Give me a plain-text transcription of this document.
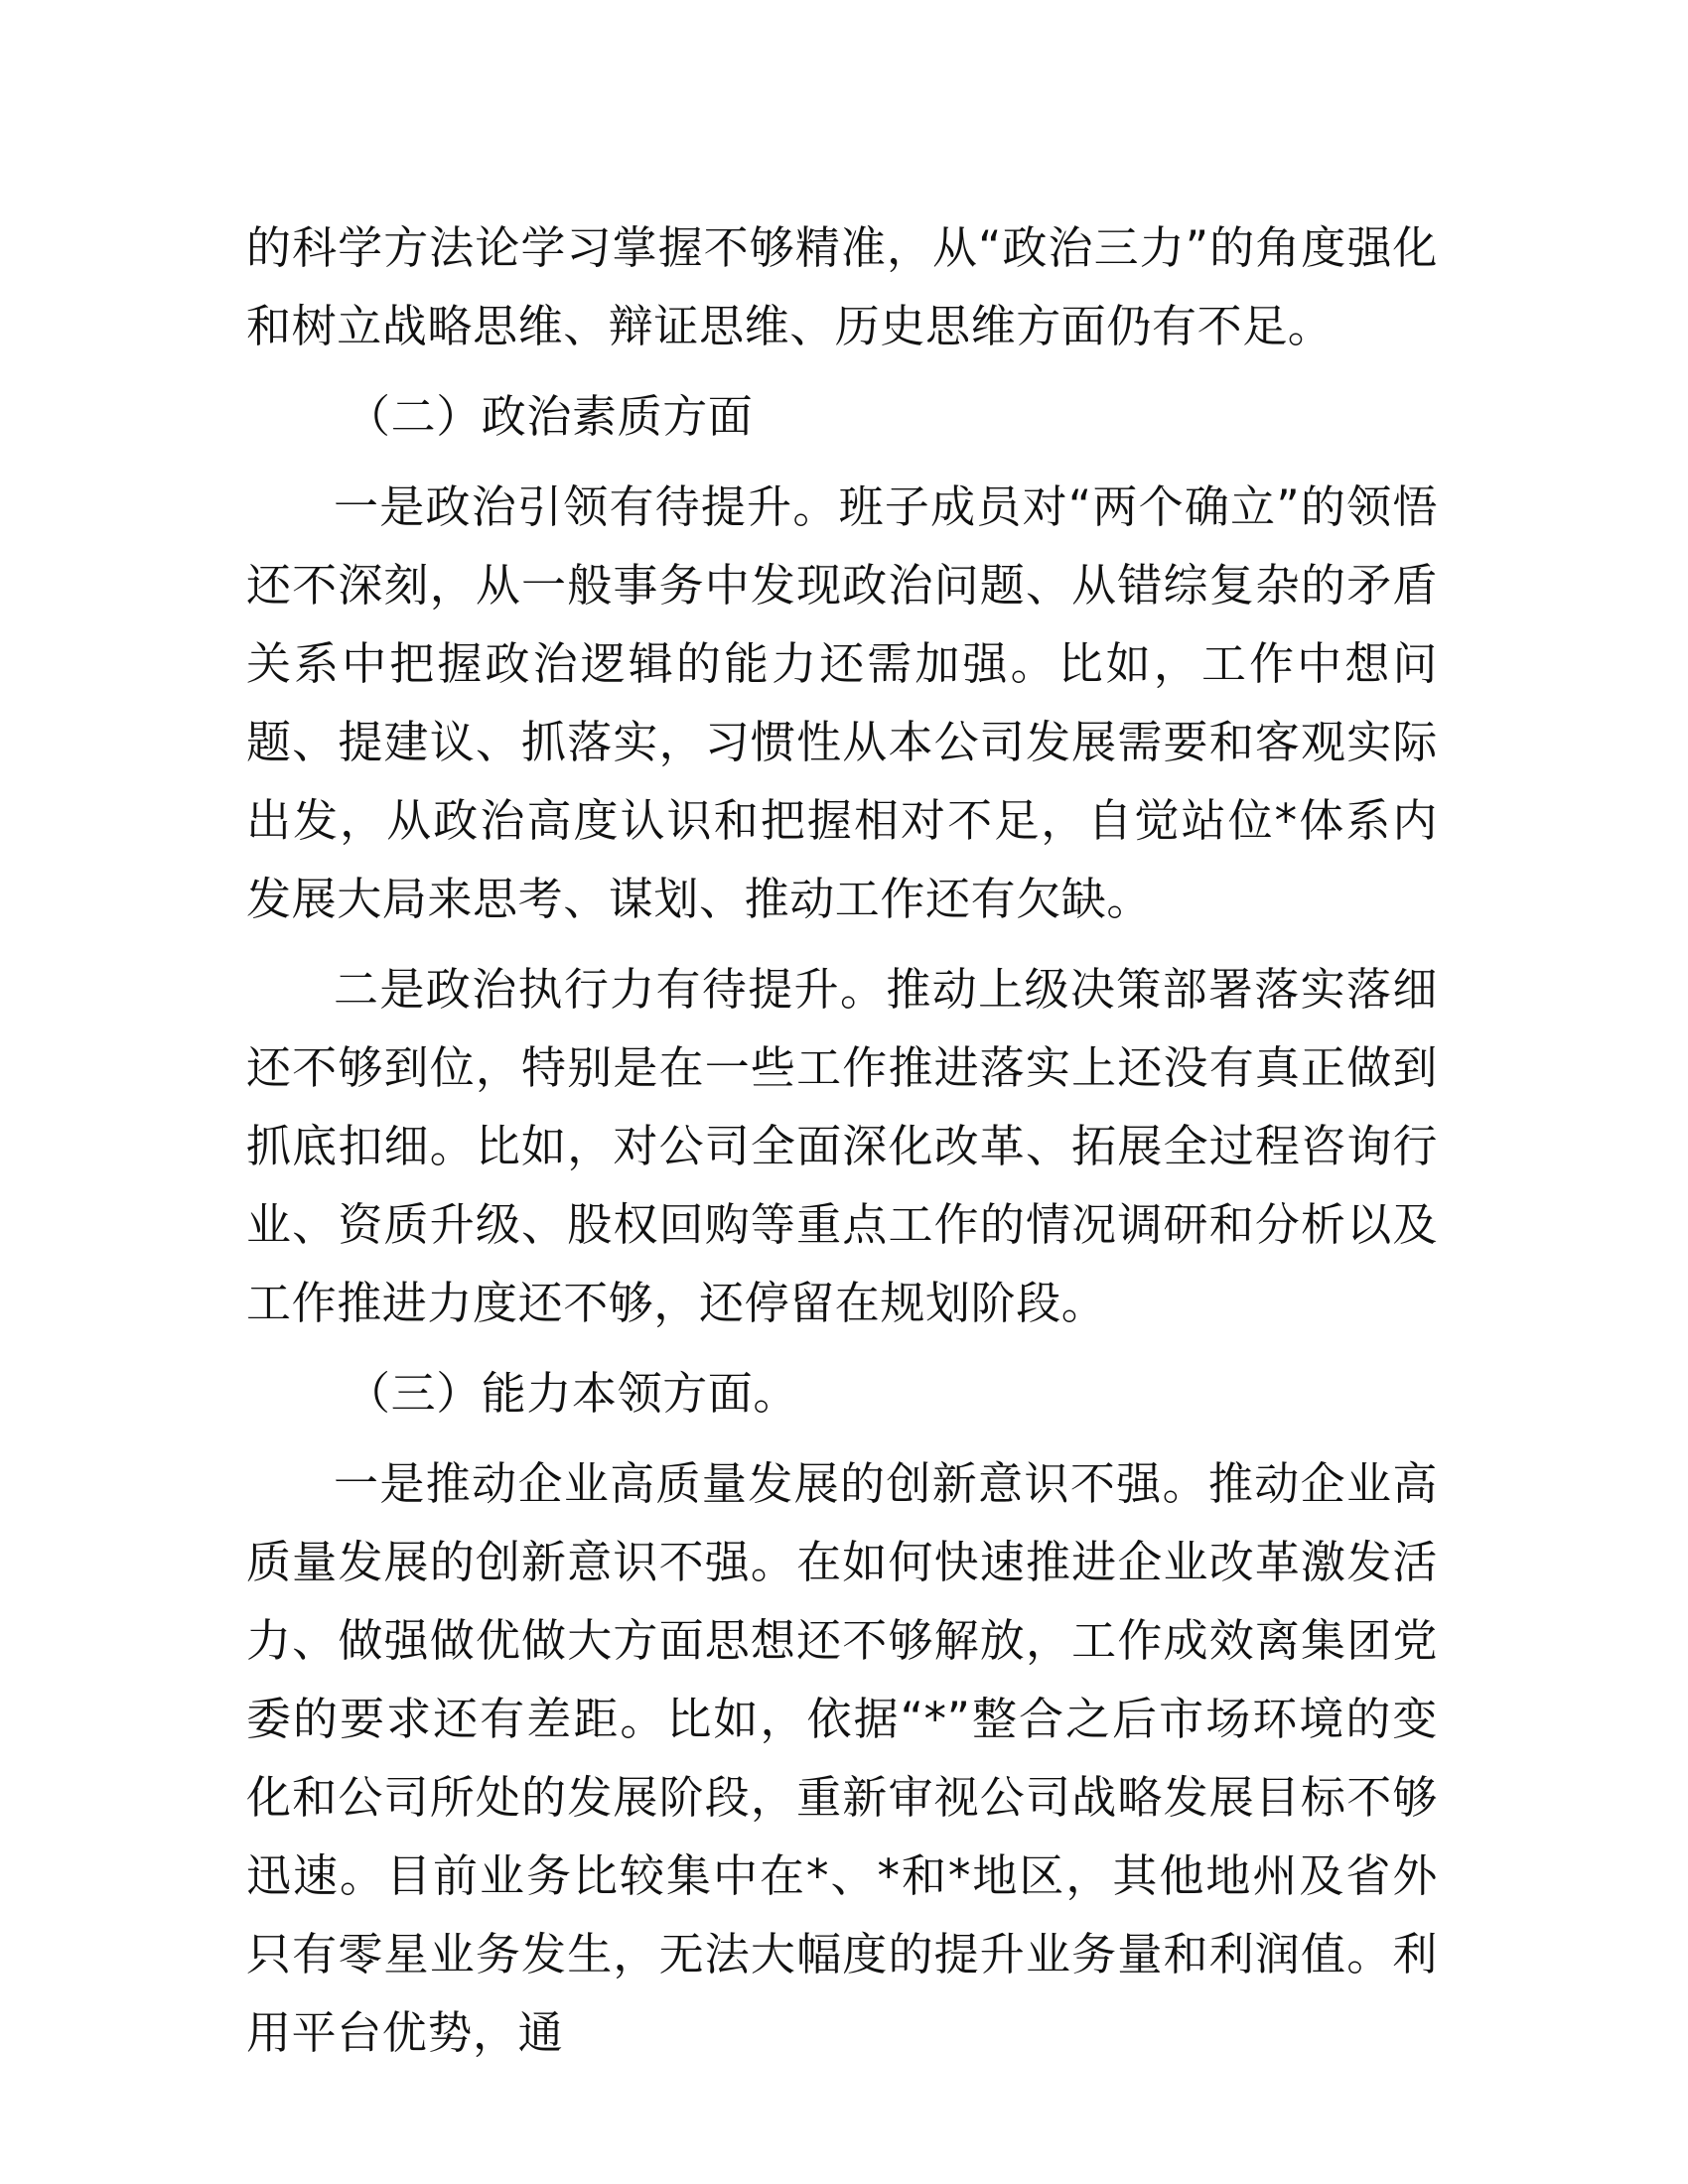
的科学方法论学习掌握不够精准，从“政治三力”的角度强化和树立战略思维、辩证思维、历史思维方面仍有不足。

（二）政治素质方面

一是政治引领有待提升。班子成员对“两个确立”的领悟还不深刻，从一般事务中发现政治问题、从错综复杂的矛盾关系中把握政治逻辑的能力还需加强。比如，工作中想问题、提建议、抓落实，习惯性从本公司发展需要和客观实际出发，从政治高度认识和把握相对不足，自觉站位*体系内发展大局来思考、谋划、推动工作还有欠缺。

二是政治执行力有待提升。推动上级决策部署落实落细还不够到位，特别是在一些工作推进落实上还没有真正做到抓底扣细。比如，对公司全面深化改革、拓展全过程咨询行业、资质升级、股权回购等重点工作的情况调研和分析以及工作推进力度还不够，还停留在规划阶段。

（三）能力本领方面。

一是推动企业高质量发展的创新意识不强。推动企业高质量发展的创新意识不强。在如何快速推进企业改革激发活力、做强做优做大方面思想还不够解放，工作成效离集团党委的要求还有差距。比如，依据“*”整合之后市场环境的变化和公司所处的发展阶段，重新审视公司战略发展目标不够迅速。目前业务比较集中在*、*和*地区，其他地州及省外只有零星业务发生，无法大幅度的提升业务量和利润值。利用平台优势，通
